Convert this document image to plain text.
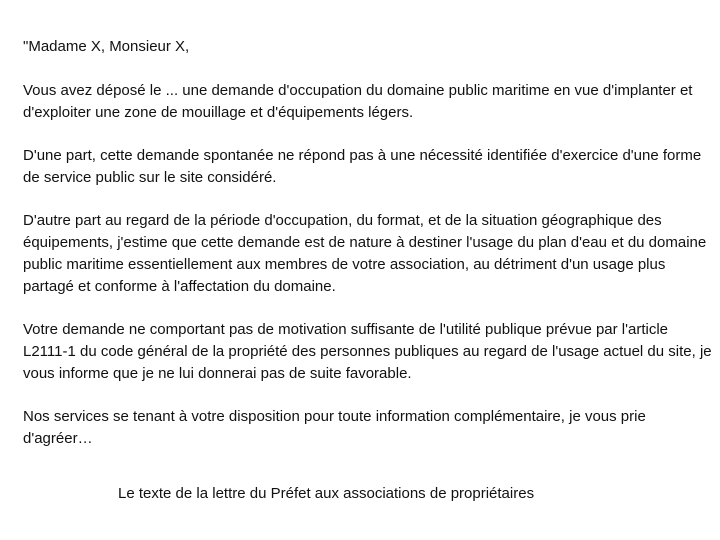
"Madame X, Monsieur X,

Vous avez déposé le ... une demande d'occupation du domaine public maritime en vue d'implanter et d'exploiter une zone de mouillage et d'équipements légers.

D'une part, cette demande spontanée ne répond pas à une nécessité identifiée d'exercice d'une forme de service public sur le site considéré.

D'autre part au regard de la période d'occupation, du format, et de la situation géographique des équipements, j'estime que cette demande est de nature à destiner l'usage du plan d'eau et du domaine public maritime essentiellement aux membres de votre association, au détriment d'un usage plus partagé et conforme à l'affectation du domaine.

Votre demande ne comportant pas de motivation suffisante de l'utilité publique prévue par l'article L2111-1 du code général de la propriété des personnes publiques au regard de l'usage actuel du site, je vous informe que je ne lui donnerai pas de suite favorable.

Nos services se tenant à votre disposition pour toute information complémentaire, je vous prie d'agréer…

Le texte de la lettre du Préfet aux associations de propriétaires
